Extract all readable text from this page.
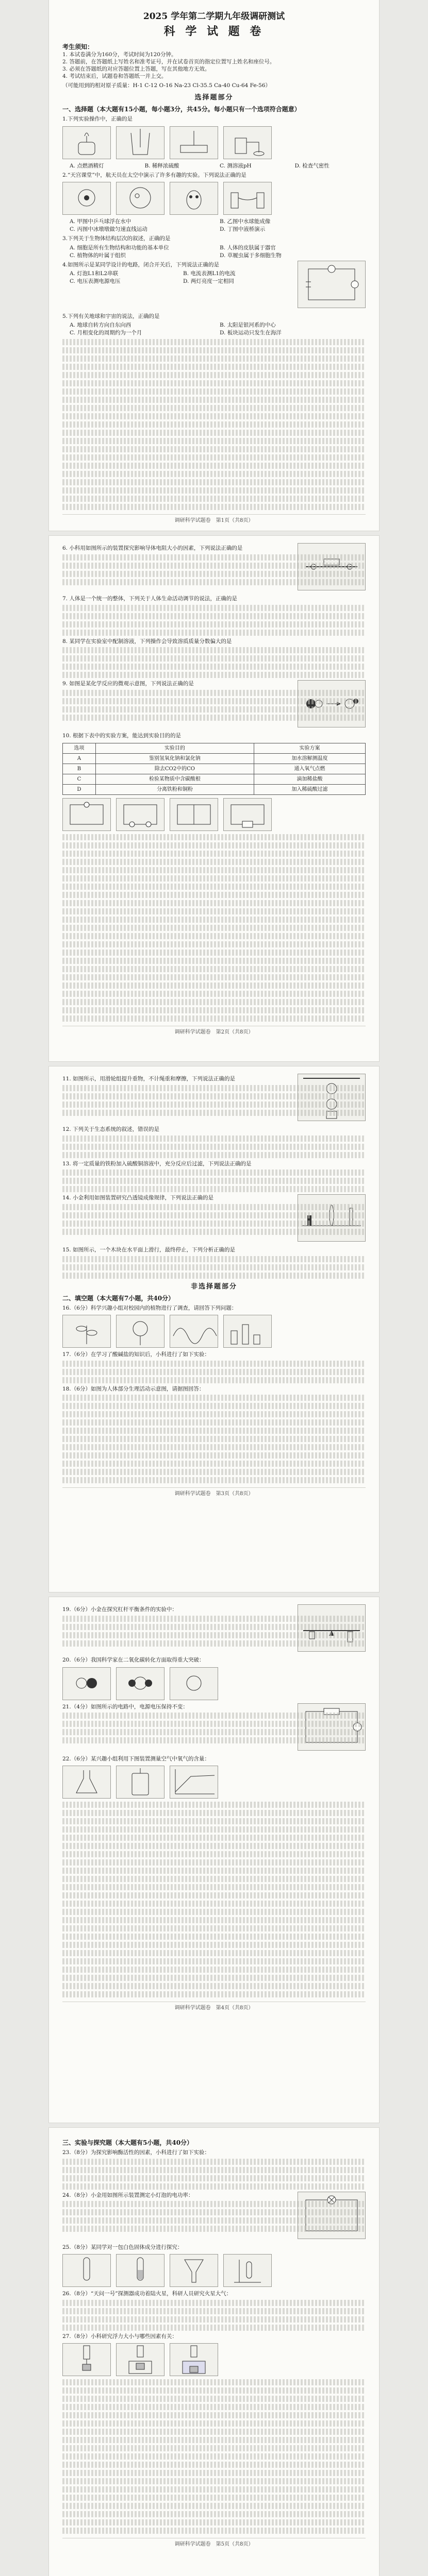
2025 学年第二学期九年级调研测试
科 学 试 题 卷
考生须知：
1. 本试卷满分为160分，考试时间为120分钟。
2. 答题前，在答题纸上写姓名和准考证号，并在试卷首页的指定位置写上姓名和座位号。
3. 必须在答题纸的对应答题位置上答题，写在其他地方无效。
4. 考试结束后，试题卷和答题纸一并上交。
（可能用到的相对原子质量：H-1 C-12 O-16 Na-23 Cl-35.5 Ca-40 Cu-64 Fe-56）
选择题部分
一、选择题（本大题有15小题，每小题3分，共45分。每小题只有一个选项符合题意）
1.下列实验操作中，正确的是
A. 点燃酒精灯	B. 稀释浓硫酸	C. 测溶液pH	D. 检查气密性
2.“天宫课堂”中，航天员在太空中演示了许多有趣的实验。下列说法正确的是
A. 甲图中乒乓球浮在水中	B. 乙图中水球能成像
C. 丙图中冰墩墩做匀速直线运动	D. 丁图中液桥演示
3.下列关于生物体结构层次的叙述，正确的是
A. 细胞是所有生物结构和功能的基本单位	B. 人体的皮肤属于器官
C. 植物体的叶属于组织	D. 草履虫属于多细胞生物
4.如图所示是某同学设计的电路，闭合开关后，下列说法正确的是
A. 灯泡L1和L2串联	B. 电流表测L1的电流
C. 电压表测电源电压	D. 两灯亮度一定相同
5.下列有关地球和宇宙的说法，正确的是
A. 地球自转方向自东向西	B. 太阳是银河系的中心
C. 月相变化的周期约为一个月	D. 板块运动只发生在海洋

调研科学试题卷　第1页（共8页）
6. 小科用如图所示的装置探究影响导体电阻大小的因素，下列说法正确的是

7. 人体是一个统一的整体，下列关于人体生命活动调节的说法，正确的是

8. 某同学在实验室中配制溶液，下列操作会导致溶质质量分数偏大的是

9. 如图是某化学反应的微观示意图，下列说法正确的是

10. 根据下表中的实验方案，能达到实验目的的是
选项	实验目的	实验方案
A	鉴别氢氧化钠和氯化钠	加水溶解测温度
B	除去CO2中的CO	通入氧气点燃
C	检验某物质中含碳酸根	滴加稀盐酸
D	分离铁粉和铜粉	加入稀硫酸过滤

调研科学试题卷　第2页（共8页）
11. 如图所示，用滑轮组提升重物，不计绳重和摩擦，下列说法正确的是

12. 下列关于生态系统的叙述，错误的是

13. 将一定质量的铁粉加入硫酸铜溶液中，充分反应后过滤，下列说法正确的是

14. 小金利用如图装置研究凸透镜成像规律，下列说法正确的是

15. 如图所示，一个木块在水平面上滑行，最终停止，下列分析正确的是

非选择题部分
二、填空题（本大题有7小题，共40分）
16.（6分）科学兴趣小组对校园内的植物进行了调查，请回答下列问题：
17.（6分）在学习了酸碱盐的知识后，小科进行了如下实验：

18.（6分）如图为人体部分生理活动示意图，请据图回答：

调研科学试题卷　第3页（共8页）
19.（6分）小金在探究杠杆平衡条件的实验中：

20.（6分）我国科学家在二氧化碳转化方面取得重大突破：
21.（4分）如图所示的电路中，电源电压保持不变：

22.（6分）某兴趣小组利用下图装置测量空气中氧气的含量：

调研科学试题卷　第4页（共8页）
三、实验与探究题（本大题有5小题，共40分）
23.（8分）为探究影响酶活性的因素，小科进行了如下实验：

24.（8分）小金用如图所示装置测定小灯泡的电功率：

25.（8分）某同学对一包白色固体成分进行探究：
26.（8分）“天问一号”探测器成功着陆火星，科研人员研究火星大气：

27.（8分）小科研究浮力大小与哪些因素有关：

调研科学试题卷　第5页（共8页）
